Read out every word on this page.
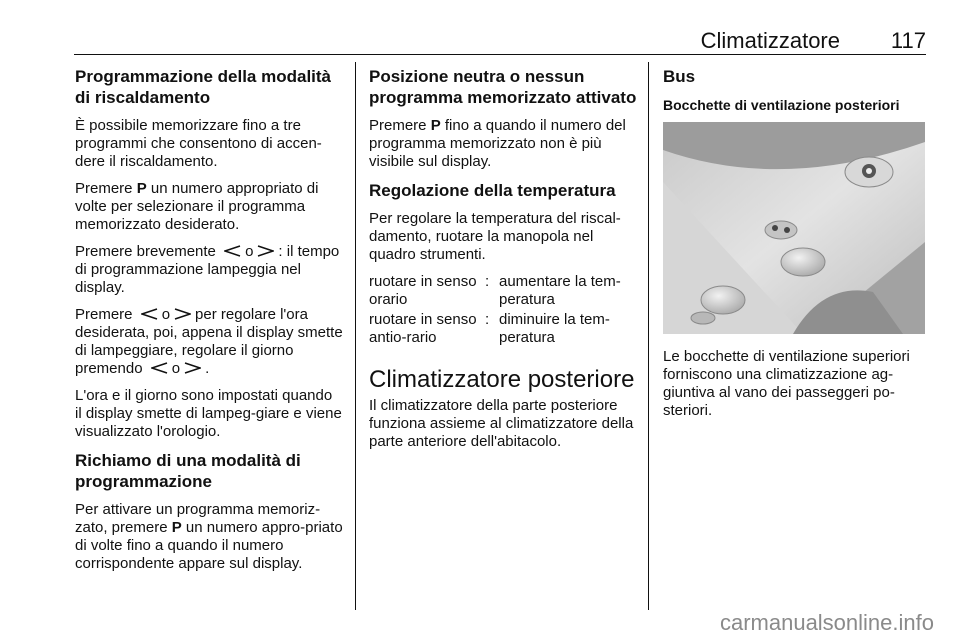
Climatizzatore 117
Programmazione della modalità di riscaldamento

È possibile memorizzare fino a tre programmi che consentono di accen-dere il riscaldamento.

Premere P un numero appropriato di volte per selezionare il programma memorizzato desiderato.

Premere brevemente o : il tempo di programmazione lampeggia nel display.

Premere o per regolare l'ora desiderata, poi, appena il display smette di lampeggiare, regolare il giorno premendo o .

L'ora e il giorno sono impostati quando il display smette di lampeg-giare e viene visualizzato l'orologio.

Richiamo di una modalità di programmazione

Per attivare un programma memoriz-zato, premere P un numero appro-priato di volte fino a quando il numero corrispondente appare sul display.

Posizione neutra o nessun programma memorizzato attivato

Premere P fino a quando il numero del programma memorizzato non è più visibile sul display.

Regolazione della temperatura

Per regolare la temperatura del riscal-damento, ruotare la manopola nel quadro strumenti.

ruotare in senso orario
: aumentare la tem-peratura
ruotare in senso antio-rario
: diminuire la tem-peratura
Climatizzatore posteriore

Il climatizzatore della parte posteriore funziona assieme al climatizzatore della parte anteriore dell'abitacolo.

Bus
Bocchette di ventilazione posteriori

Le bocchette di ventilazione superiori forniscono una climatizzazione ag-giuntiva al vano dei passeggeri po-steriori.

carmanualsonline.info
